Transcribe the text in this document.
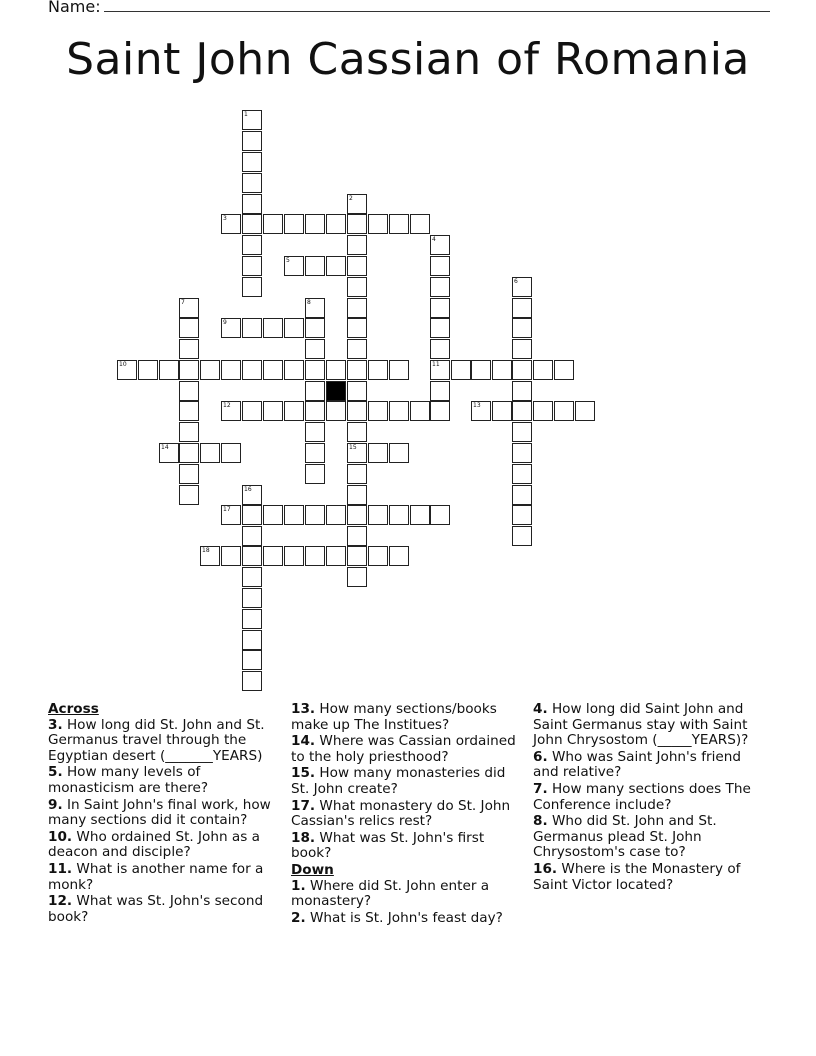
Name:
Saint John Cassian of Romania
1
3
2
5
4
6
7	8
9
10	11
12	13
14	15
16
17
18
Across
3. How long did St. John and St. Germanus travel through the Egyptian desert (_______YEARS)
5. How many levels of monasticism are there?
9. In Saint John's final work, how many sections did it contain?
10. Who ordained St. John as a deacon and disciple?
11. What is another name for a monk?
12. What was St. John's second book?
13. How many sections/books make up The Institues?
14. Where was Cassian ordained to the holy priesthood?
15. How many monasteries did St. John create?
17. What monastery do St. John Cassian's relics rest?
18. What was St. John's first book?
Down
1. Where did St. John enter a monastery?
2. What is St. John's feast day?
4. How long did Saint John and Saint Germanus stay with Saint John Chrysostom (_____YEARS)?
6. Who was Saint John's friend and relative?
7. How many sections does The Conference include?
8. Who did St. John and St. Germanus plead St. John Chrysostom's case to?
16. Where is the Monastery of Saint Victor located?
